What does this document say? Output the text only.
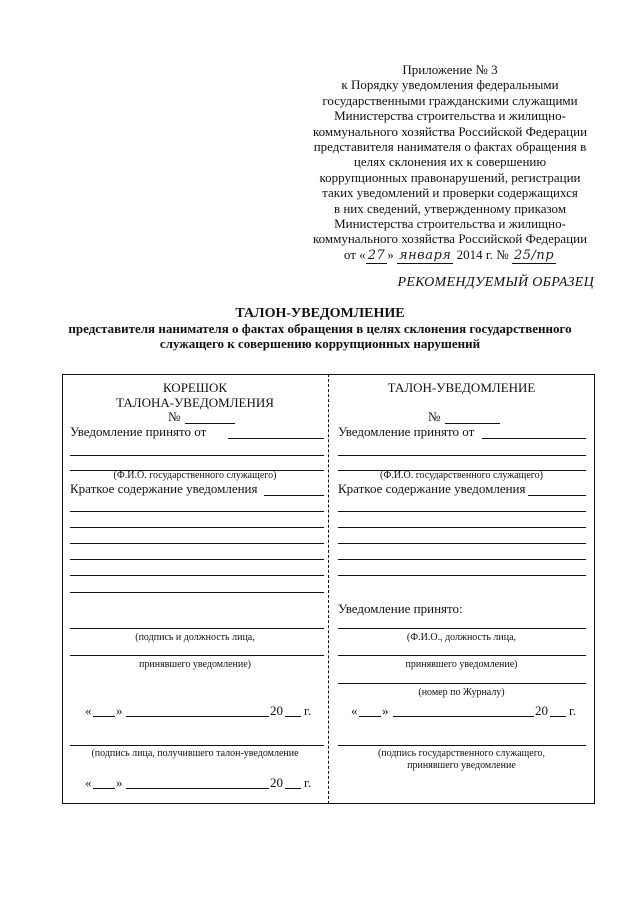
Приложение № 3
к Порядку уведомления федеральными
государственными гражданскими служащими
Министерства строительства и жилищно-
коммунального хозяйства Российской Федерации
представителя нанимателя о фактах обращения в
целях склонения их к совершению
коррупционных правонарушений, регистрации
таких уведомлений и проверки содержащихся
в них сведений, утвержденному приказом
Министерства строительства и жилищно-
коммунального хозяйства Российской Федерации
от « 27 » января 2014 г. № 25/пр
РЕКОМЕНДУЕМЫЙ ОБРАЗЕЦ
ТАЛОН-УВЕДОМЛЕНИЕ
представителя нанимателя о фактах обращения в целях склонения государственного служащего к совершению коррупционных нарушений
КОРЕШОК
ТАЛОНА-УВЕДОМЛЕНИЯ
№
Уведомление принято от
(Ф.И.О. государственного служащего)
Краткое содержание уведомления
(подпись и должность лица,
принявшего уведомление)
« »	20 г.
(подпись лица, получившего талон-уведомление
« »	20 г.
ТАЛОН-УВЕДОМЛЕНИЕ
№
Уведомление принято от
(Ф.И.О. государственного служащего)
Краткое содержание уведомления
Уведомление принято:
(Ф.И.О., должность лица,
принявшего уведомление)
(номер по Журналу)
« »	20 г.
(подпись государственного служащего,
принявшего уведомление
